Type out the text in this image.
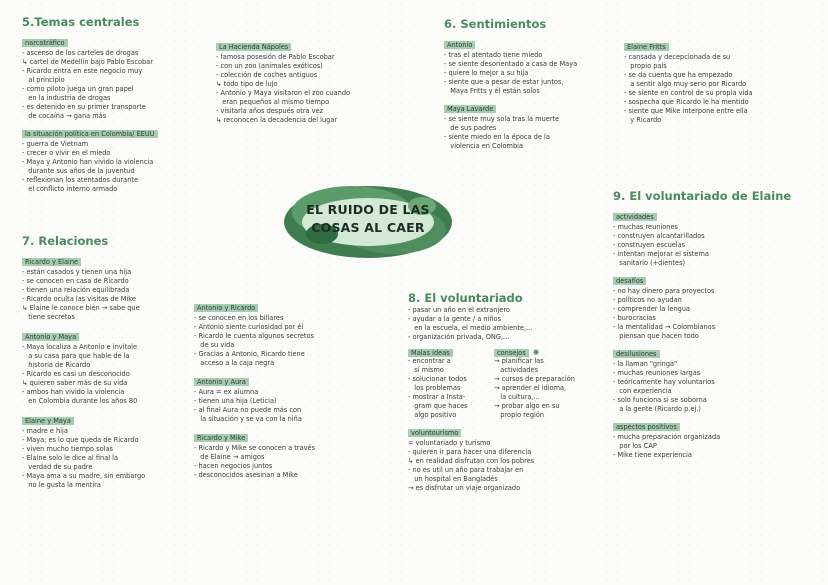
EL RUIDO DE LAS
COSAS AL CAER
5.Temas centrales
narcotráfico
- ascenso de los carteles de drogas
↳ cartel de Medellín bajo Pablo Escobar
- Ricardo entra en este negocio muy
al principio
- como piloto juega un gran papel
en la industria de drogas
- es detenido en su primer transporte
de cocaína → gana más
la situación política en Colombia/ EEUU
- guerra de Vietnam
- crecer o vivir en el miedo
- Maya y Antonio han vivido la violencia
durante sus años de la juventud
- reflexionan los atentados durante
el conflicto interno armado
La Hacienda Nápoles
- famosa posesión de Pablo Escobar
- con un zoo (animales exóticos)
- colección de coches antiguos
↳ todo tipo de lujo
- Antonio y Maya visitaron el zoo cuando
eran pequeños al mismo tiempo
- visitarla años después otra vez
↳ reconocen la decadencia del lugar
6. Sentimientos
Antonio
- tras el atentado tiene miedo
- se siente desorientado a casa de Maya
- quiere lo mejor a su hija
- siente que a pesar de estar juntos,
Maya Fritts y él están solos
Maya Lavarde
- se siente muy sola tras la muerte
de sus padres
- siente miedo en la época de la
violencia en Colombia
Elaine Fritts
- cansada y decepcionada de su
propio país
- se da cuenta que ha empezado
a sentir algo muy serio por Ricardo
- se siente en control de su propia vida
- sospecha que Ricardo le ha mentido
- siente que Mike interpone entre ella
y Ricardo
7. Relaciones
Ricardo y Elaine
- están casados y tienen una hija
- se conocen en casa de Ricardo
- tienen una relación equilibrada
- Ricardo oculta las visitas de Mike
↳ Elaine le conoce bien → sabe que
tiene secretos
Antonio y Maya
- Maya localiza a Antonio e invitale
a su casa para que hable de la
historia de Ricardo
- Ricardo es casi un desconocido
↳ quieren saber más de su vida
- ambos han vivido la violencia
en Colombia durante los años 80
Elaine y Maya
- madre e hija
- Maya: es lo que queda de Ricardo
- viven mucho tiempo solas
- Elaine solo le dice al final la
verdad de su padre
- Maya ama a su madre, sin embargo
no le gusta la mentira
Antonio y Ricardo
- se conocen en los billares
- Antonio siente curiosidad por él
- Ricardo le cuenta algunos secretos
de su vida
- Gracias a Antonio, Ricardo tiene
acceso a la caja negra
Antonio y Aura
- Aura = ex alumna
- tienen una hija (Leticia)
- al final Aura no puede más con
la situación y se va con la niña
Ricardo y Mike
- Ricardo y Mike se conocen a través
de Elaine → amigos
- hacen negocios juntos
- desconocidos asesinan a Mike
8. El voluntariado
- pasar un año en el extranjero
- ayudar a la gente / a niños
en la escuela, el medio ambiente,...
- organización privada, ONG,...
Malas ideas
- encontrar a
sí mismo
- solucionar todos
los problemas
- mostrar a Insta-
gram que haces
algo positivo
consejos ✺
→ planificar las
actividades
→ cursos de preparación
→ aprender el idioma,
la cultura,...
→ probar algo en su
propio región
voluntourismo
= voluntariado y turismo
- quieren ir para hacer una diferencia
↳ en realidad disfrutan con los pobres
- no es util un año para trabajar en
un hospital en Bangladés
→ es disfrutar un viaje organizado
9. El voluntariado de Elaine
actividades
- muchas reuniones
- construyen alcantarillados
- construyen escuelas
- intentan mejorar el sistema
sanitario (+dientes)
desafíos
- no hay dinero para proyectos
- políticos no ayudan
- comprender la lengua
- burocracias
- la mentalidad → Colombianos
piensan que hacen todo
desilusiones
- la llaman "gringa"
- muchas reuniones largas
- teóricamente hay voluntarios
con experiencia
- solo funciona si se soborna
a la gente (Ricardo p.ej.)
aspectos positivos
- mucha preparación organizada
por los CAP
- Mike tiene experiencia
